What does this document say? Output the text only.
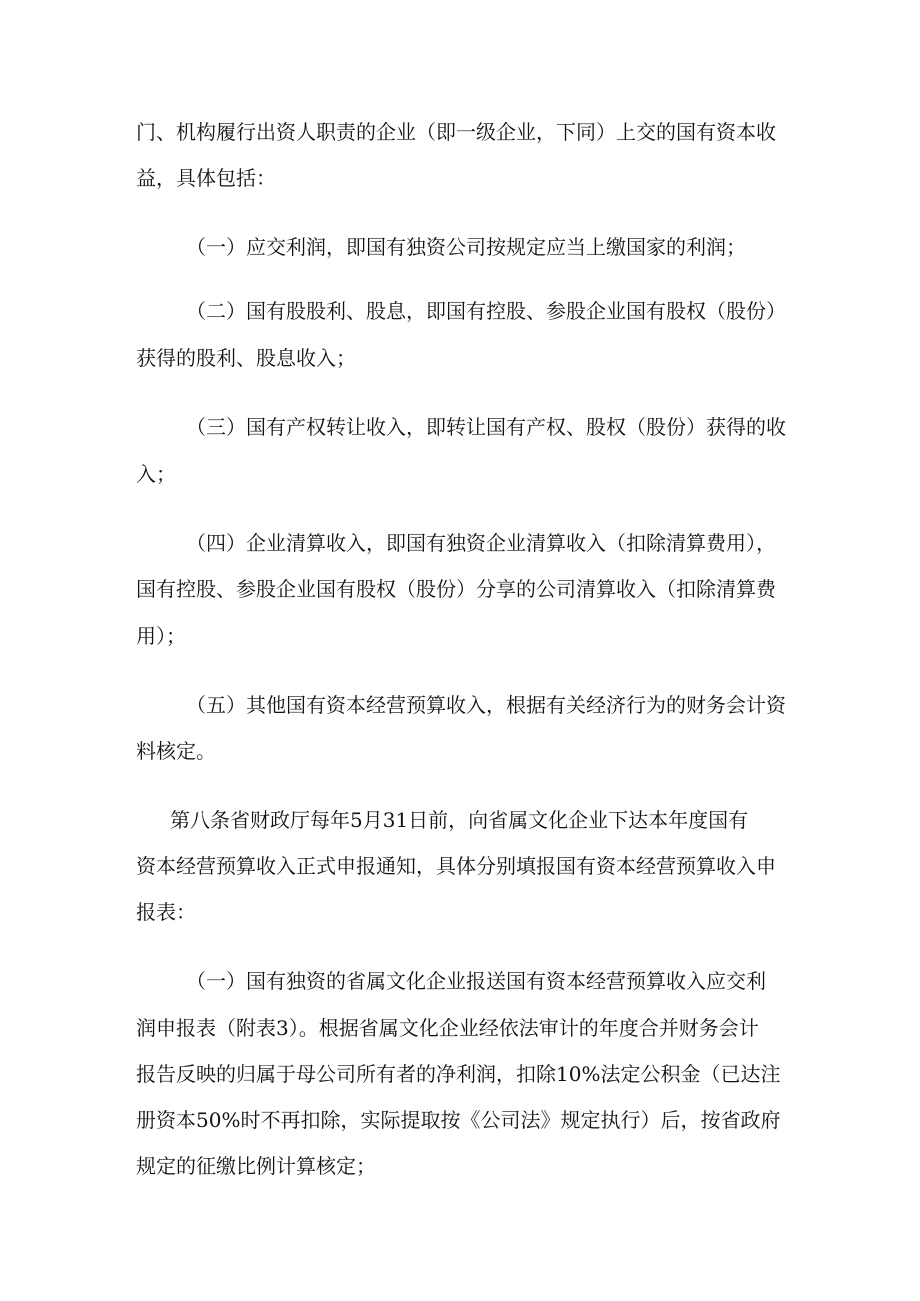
门、机构履行出资人职责的企业（即一级企业，下同）上交的国有资本收

益，具体包括：

（一）应交利润，即国有独资公司按规定应当上缴国家的利润；

（二）国有股股利、股息，即国有控股、参股企业国有股权（股份）

获得的股利、股息收入；

（三）国有产权转让收入，即转让国有产权、股权（股份）获得的收

入；

（四）企业清算收入，即国有独资企业清算收入（扣除清算费用），

国有控股、参股企业国有股权（股份）分享的公司清算收入（扣除清算费

用）；

（五）其他国有资本经营预算收入，根据有关经济行为的财务会计资

料核定。

第八条省财政厅每年5月31日前，向省属文化企业下达本年度国有

资本经营预算收入正式申报通知，具体分别填报国有资本经营预算收入申

报表：

（一）国有独资的省属文化企业报送国有资本经营预算收入应交利

润申报表（附表3）。根据省属文化企业经依法审计的年度合并财务会计

报告反映的归属于母公司所有者的净利润，扣除10%法定公积金（已达注

册资本50%时不再扣除，实际提取按《公司法》规定执行）后，按省政府

规定的征缴比例计算核定；
